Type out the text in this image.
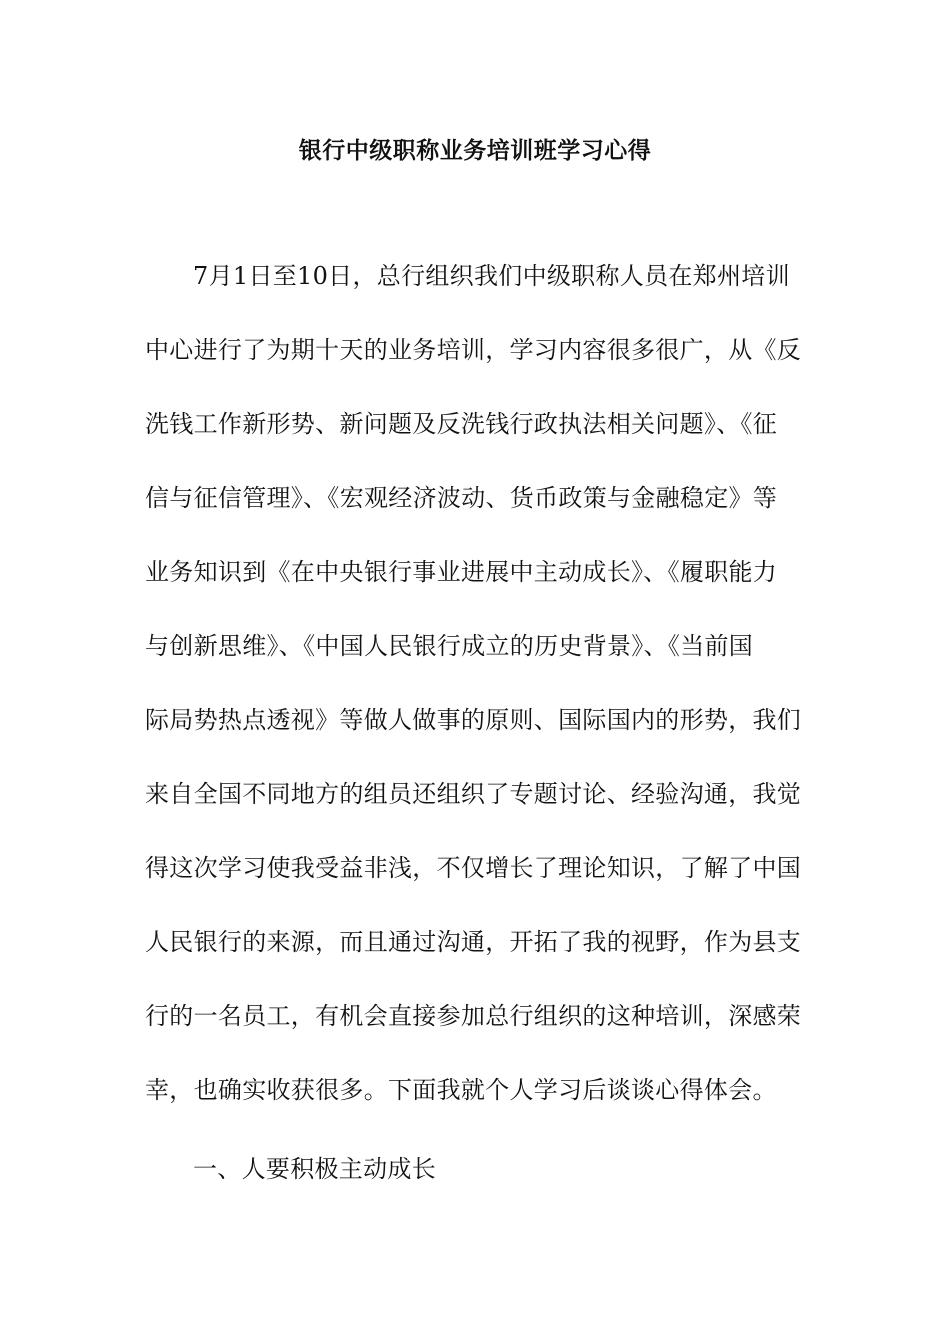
银行中级职称业务培训班学习心得
7月1日至10日，总行组织我们中级职称人员在郑州培训
中心进行了为期十天的业务培训，学习内容很多很广，从《反
洗钱工作新形势、新问题及反洗钱行政执法相关问题》、《征
信与征信管理》、《宏观经济波动、货币政策与金融稳定》等
业务知识到《在中央银行事业进展中主动成长》、《履职能力
与创新思维》、《中国人民银行成立的历史背景》、《当前国
际局势热点透视》等做人做事的原则、国际国内的形势，我们
来自全国不同地方的组员还组织了专题讨论、经验沟通，我觉
得这次学习使我受益非浅，不仅增长了理论知识，了解了中国
人民银行的来源，而且通过沟通，开拓了我的视野，作为县支
行的一名员工，有机会直接参加总行组织的这种培训，深感荣
幸，也确实收获很多。下面我就个人学习后谈谈心得体会。
一、人要积极主动成长
